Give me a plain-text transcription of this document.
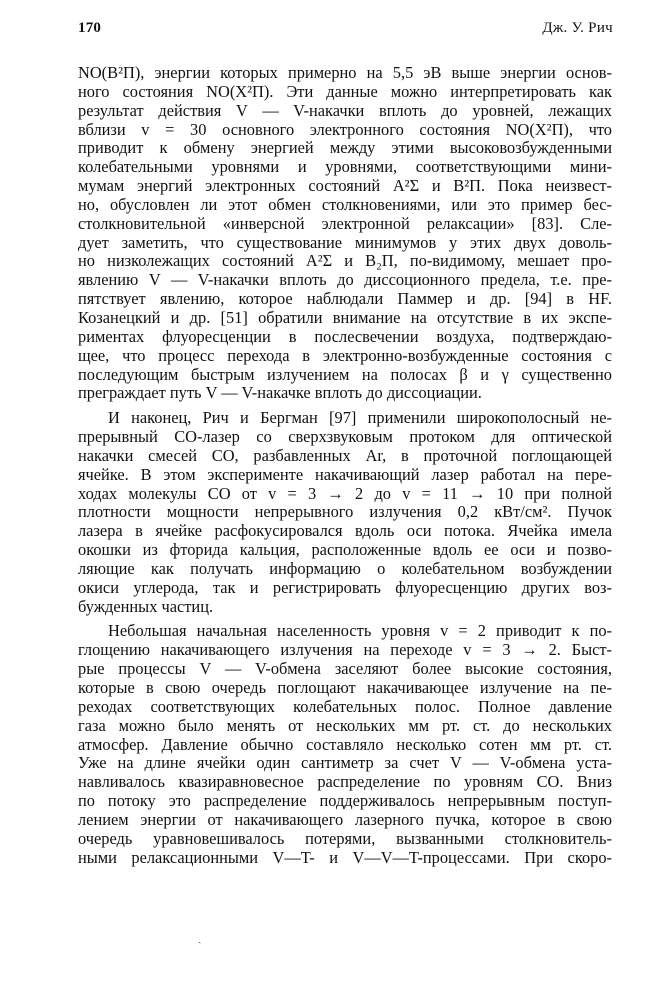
170	Дж. У. Рич
NO(B²Π), энергии которых примерно на 5,5 эВ выше энергии основ-
ного состояния NO(X²Π). Эти данные можно интерпретировать как
результат действия V — V-накачки вплоть до уровней, лежащих
вблизи v = 30 основного электронного состояния NO(X²Π), что
приводит к обмену энергией между этими высоковозбужденными
колебательными уровнями и уровнями, соответствующими мини-
мумам энергий электронных состояний A²Σ и B²Π. Пока неизвест-
но, обусловлен ли этот обмен столкновениями, или это пример бес-
столкновительной «инверсной электронной релаксации» [83]. Сле-
дует заметить, что существование минимумов у этих двух доволь-
но низколежащих состояний A²Σ и B₂Π, по-видимому, мешает про-
явлению V — V-накачки вплоть до диссоционного предела, т.е. пре-
пятствует явлению, которое наблюдали Паммер и др. [94] в HF.
Козанецкий и др. [51] обратили внимание на отсутствие в их экспе-
риментах флуоресценции в послесвечении воздуха, подтверждаю-
щее, что процесс перехода в электронно-возбужденные состояния с
последующим быстрым излучением на полосах β и γ существенно
преграждает путь V — V-накачке вплоть до диссоциации.
И наконец, Рич и Бергман [97] применили широкополосный не-
прерывный CO-лазер со сверхзвуковым протоком для оптической
накачки смесей CO, разбавленных Ar, в проточной поглощающей
ячейке. В этом эксперименте накачивающий лазер работал на пере-
ходах молекулы CO от v = 3 → 2 до v = 11 → 10 при полной
плотности мощности непрерывного излучения 0,2 кВт/см². Пучок
лазера в ячейке расфокусировался вдоль оси потока. Ячейка имела
окошки из фторида кальция, расположенные вдоль ее оси и позво-
ляющие как получать информацию о колебательном возбуждении
окиси углерода, так и регистрировать флуоресценцию других воз-
бужденных частиц.
Небольшая начальная населенность уровня v = 2 приводит к по-
глощению накачивающего излучения на переходе v = 3 → 2. Быст-
рые процессы V — V-обмена заселяют более высокие состояния,
которые в свою очередь поглощают накачивающее излучение на пе-
реходах соответствующих колебательных полос. Полное давление
газа можно было менять от нескольких мм рт. ст. до нескольких
атмосфер. Давление обычно составляло несколько сотен мм рт. ст.
Уже на длине ячейки один сантиметр за счет V — V-обмена уста-
навливалось квазиравновесное распределение по уровням CO. Вниз
по потоку это распределение поддерживалось непрерывным поступ-
лением энергии от накачивающего лазерного пучка, которое в свою
очередь уравновешивалось потерями, вызванными столкновитель-
ными релаксационными V—T- и V—V—T-процессами. При скоро-
ˎ
